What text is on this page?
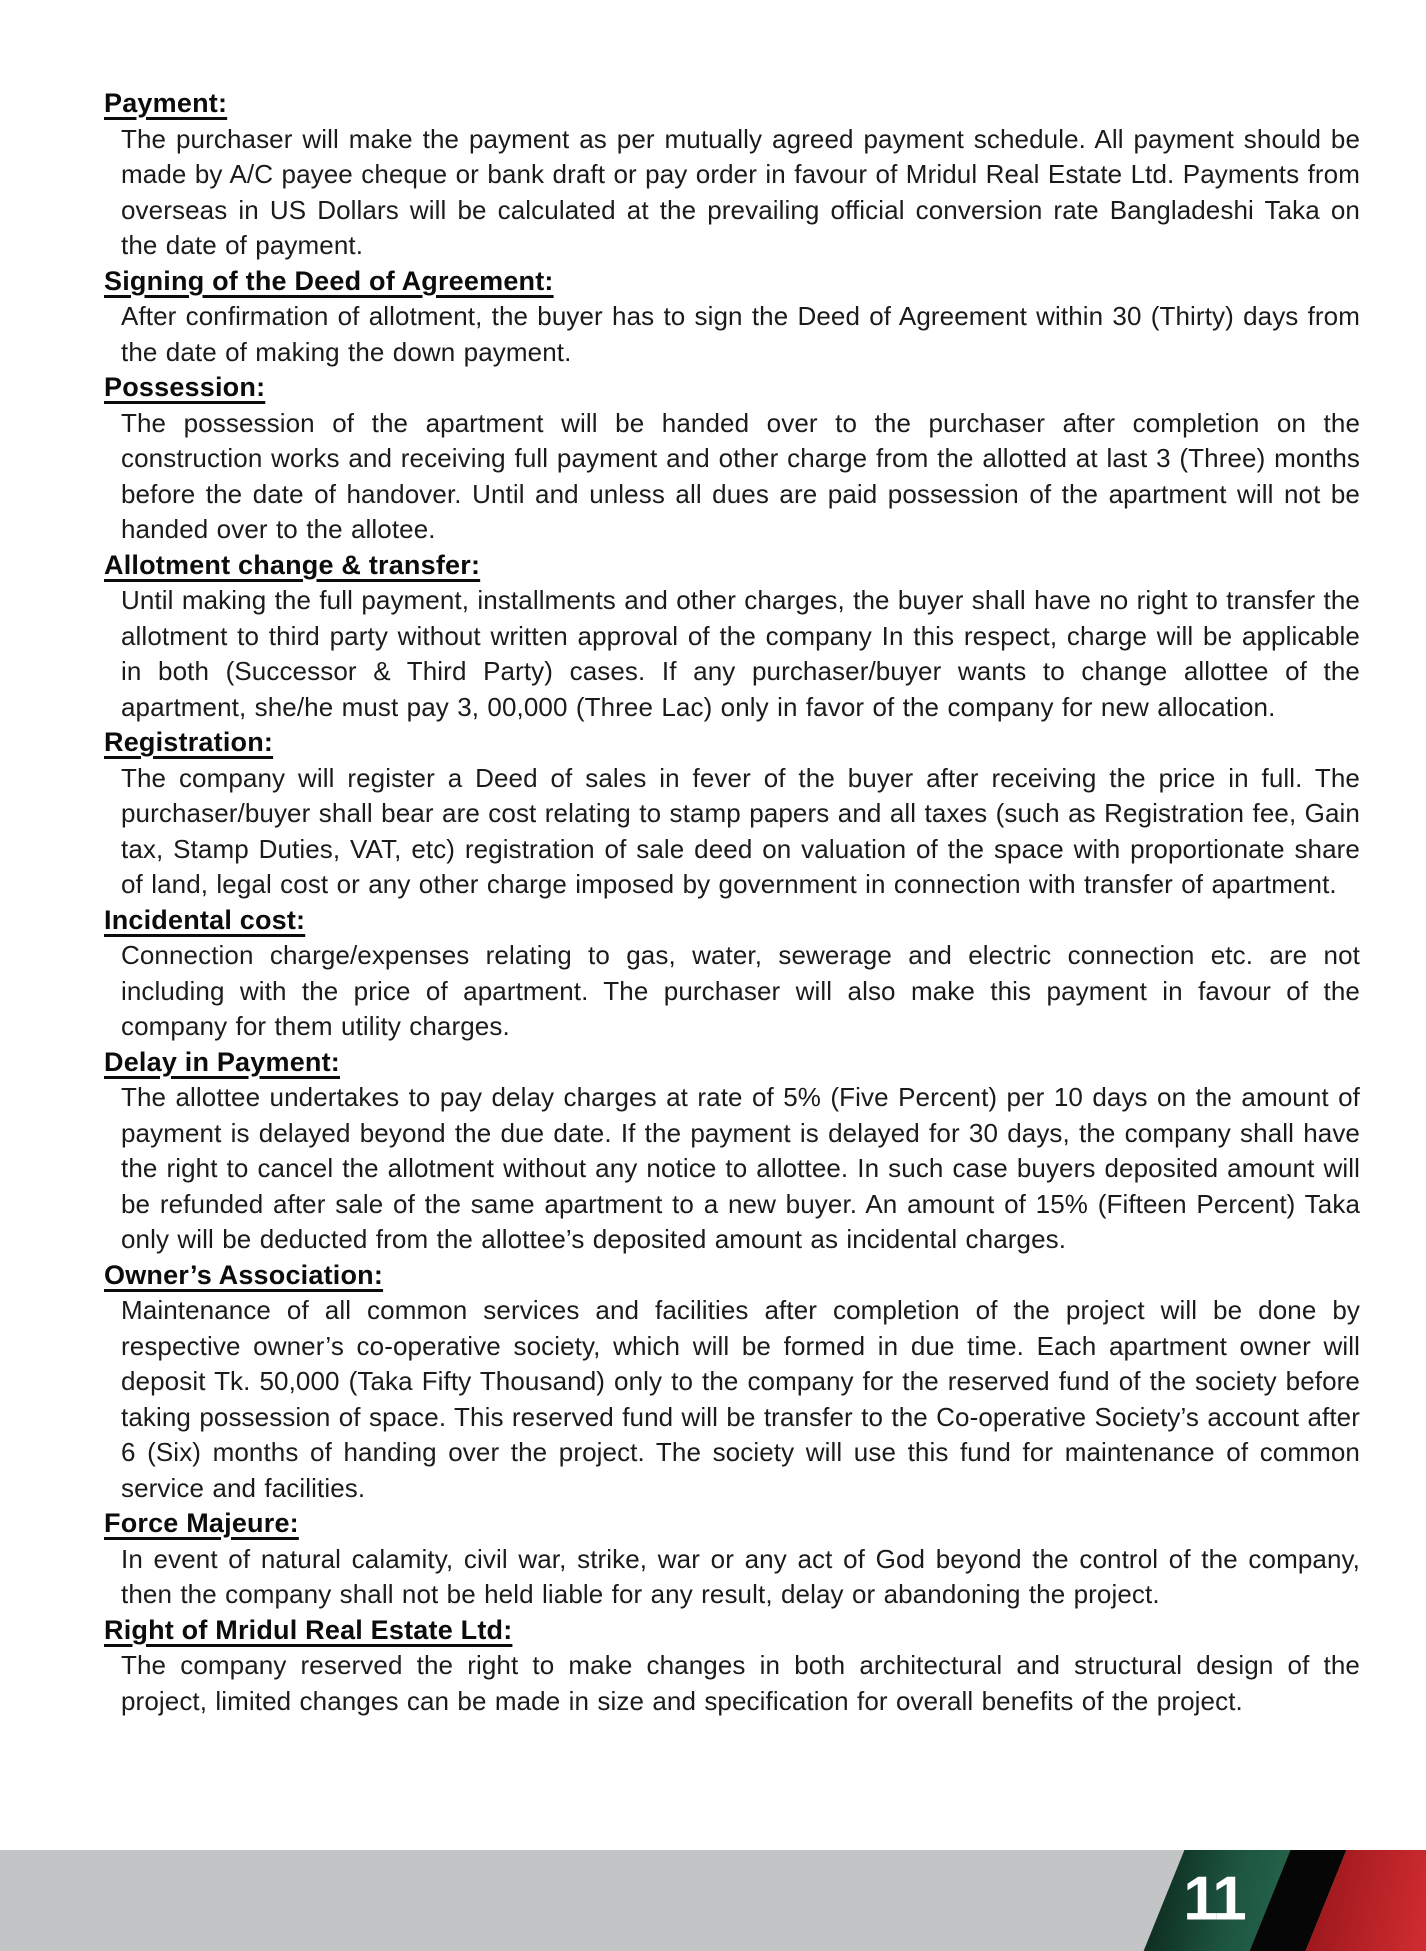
Payment:

The purchaser will make the payment as per mutually agreed payment schedule. All payment should be made by A/C payee cheque or bank draft or pay order in favour of Mridul Real Estate Ltd. Payments from overseas in US Dollars will be calculated at the prevailing official conversion rate Bangladeshi Taka on the date of payment.

Signing of the Deed of Agreement:

After confirmation of allotment, the buyer has to sign the Deed of Agreement within 30 (Thirty) days from the date of making the down payment.

Possession:

The possession of the apartment will be handed over to the purchaser after completion on the construction works and receiving full payment and other charge from the allotted at last 3 (Three) months before the date of handover. Until and unless all dues are paid possession of the apartment will not be handed over to the allotee.

Allotment change & transfer:

Until making the full payment, installments and other charges, the buyer shall have no right to transfer the allotment to third party without written approval of the company In this respect, charge will be applicable in both (Successor & Third Party) cases. If any purchaser/buyer wants to change allottee of the apartment, she/he must pay 3, 00,000 (Three Lac) only in favor of the company for new allocation.

Registration:

The company will register a Deed of sales in fever of the buyer after receiving the price in full. The purchaser/buyer shall bear are cost relating to stamp papers and all taxes (such as Registration fee, Gain tax, Stamp Duties, VAT, etc) registration of sale deed on valuation of the space with proportionate share of land, legal cost or any other charge imposed by government in connection with transfer of apartment.

Incidental cost:

Connection charge/expenses relating to gas, water, sewerage and electric connection etc. are not including with the price of apartment. The purchaser will also make this payment in favour of the company for them utility charges.

Delay in Payment:

The allottee undertakes to pay delay charges at rate of 5% (Five Percent) per 10 days on the amount of payment is delayed beyond the due date. If the payment is delayed for 30 days, the company shall have the right to cancel the allotment without any notice to allottee. In such case buyers deposited amount will be refunded after sale of the same apartment to a new buyer. An amount of 15% (Fifteen Percent) Taka only will be deducted from the allottee’s deposited amount as incidental charges.

Owner’s Association:

Maintenance of all common services and facilities after completion of the project will be done by respective owner’s co-operative society, which will be formed in due time. Each apartment owner will deposit Tk. 50,000 (Taka Fifty Thousand) only to the company for the reserved fund of the society before taking possession of space. This reserved fund will be transfer to the Co-operative Society’s account after 6 (Six) months of handing over the project. The society will use this fund for maintenance of common service and facilities.

Force Majeure:

In event of natural calamity, civil war, strike, war or any act of God beyond the control of the company, then the company shall not be held liable for any result, delay or abandoning the project.

Right of Mridul Real Estate Ltd:

The company reserved the right to make changes in both architectural and structural design of the project, limited changes can be made in size and specification for overall benefits of the project.

11
